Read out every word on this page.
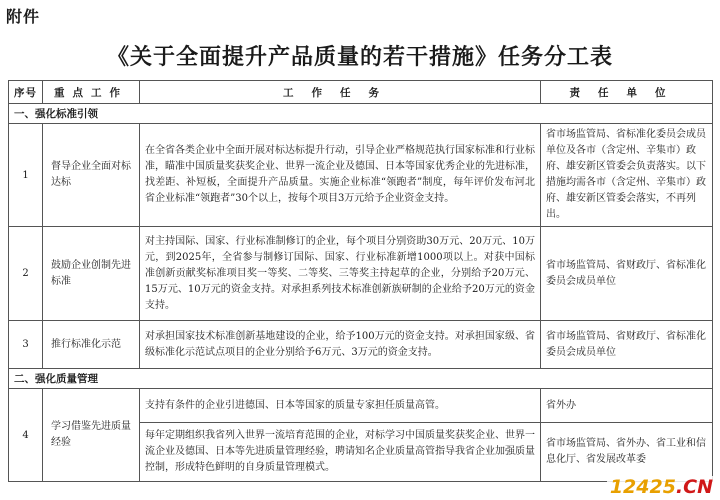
附件
《关于全面提升产品质量的若干措施》任务分工表
序号	重点工作	工作任务	责任单位
一、强化标准引领			
1	督导企业全面对标达标	在全省各类企业中全面开展对标达标提升行动，引导企业严格规范执行国家标准和行业标准，瞄准中国质量奖获奖企业、世界一流企业及德国、日本等国家优秀企业的先进标准，找差距、补短板，全面提升产品质量。实施企业标准“领跑者”制度，每年评价发布河北省企业标准“领跑者”30个以上，按每个项目3万元给予企业资金支持。	省市场监管局、省标准化委员会成员单位及各市（含定州、辛集市）政府、雄安新区管委会负责落实。以下措施均需各市（含定州、辛集市）政府、雄安新区管委会落实，不再列出。
2	鼓励企业创制先进标准	对主持国际、国家、行业标准制修订的企业，每个项目分别资助30万元、20万元、10万元，到2025年，全省参与制修订国际、国家、行业标准新增1000项以上。对获中国标准创新贡献奖标准项目奖一等奖、二等奖、三等奖主持起草的企业，分别给予20万元、15万元、10万元的资金支持。对承担系列技术标准创新族研制的企业给予20万元的资金支持。	省市场监管局、省财政厅、省标准化委员会成员单位
3	推行标准化示范	对承担国家技术标准创新基地建设的企业，给予100万元的资金支持。对承担国家级、省级标准化示范试点项目的企业分别给予6万元、3万元的资金支持。	省市场监管局、省财政厅、省标准化委员会成员单位
二、强化质量管理			
4	学习借鉴先进质量经验	支持有条件的企业引进德国、日本等国家的质量专家担任质量高管。	省外办
		每年定期组织我省列入世界一流培育范围的企业，对标学习中国质量奖获奖企业、世界一流企业及德国、日本等先进质量管理经验，聘请知名企业质量高管指导我省企业加强质量控制，形成特色鲜明的自身质量管理模式。	省市场监管局、省外办、省工业和信息化厅、省发展改革委
12425 .CN
